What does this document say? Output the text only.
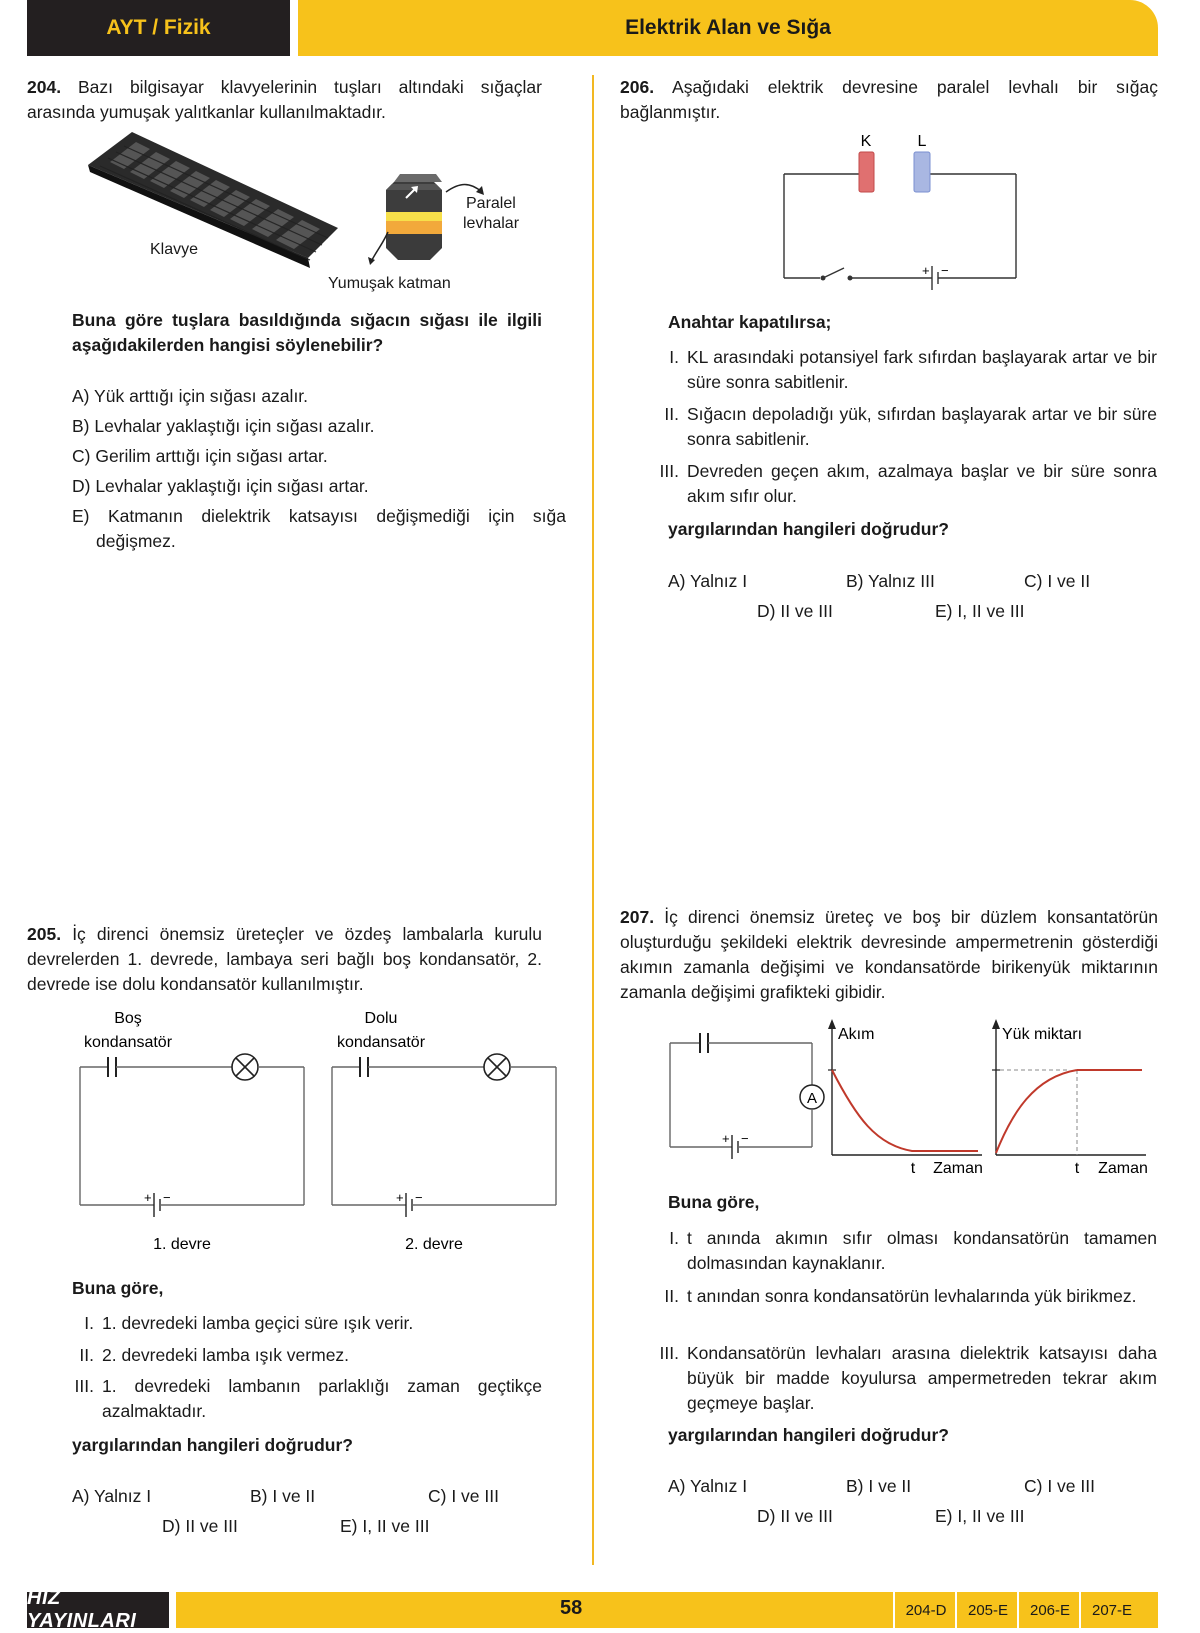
AYT / Fizik	Elektrik Alan ve Sığa
204. Bazı bilgisayar klavyelerinin tuşları altındaki sığaçlar arasında yumuşak yalıtkanlar kullanılmaktadır.
Klavye
Paralel
levhalar
Yumuşak katman
Buna göre tuşlara basıldığında sığacın sığası ile ilgili aşağıdakilerden hangisi söylenebilir?
A) Yük arttığı için sığası azalır.
B) Levhalar yaklaştığı için sığası azalır.
C) Gerilim arttığı için sığası artar.
D) Levhalar yaklaştığı için sığası artar.
E) Katmanın dielektrik katsayısı değişmediği için sığa değişmez.
206. Aşağıdaki elektrik devresine paralel levhalı bir sığaç bağlanmıştır.
K	L
+ −
Anahtar kapatılırsa;
I. KL arasındaki potansiyel fark sıfırdan başlayarak artar ve bir süre sonra sabitlenir.
II. Sığacın depoladığı yük, sıfırdan başlayarak artar ve bir süre sonra sabitlenir.
III. Devreden geçen akım, azalmaya başlar ve bir süre sonra akım sıfır olur.
yargılarından hangileri doğrudur?
A) Yalnız I	B) Yalnız III	C) I ve II
D) II ve III	E) I, II ve III
205. İç direnci önemsiz üreteçler ve özdeş lambalarla kurulu devrelerden 1. devrede, lambaya seri bağlı boş kondansatör, 2. devrede ise dolu kondansatör kullanılmıştır.
Boş
kondansatör
Dolu
kondansatör
+ −
1. devre
+ −
2. devre
Buna göre,
I. 1. devredeki lamba geçici süre ışık verir.
II. 2. devredeki lamba ışık vermez.
III. 1. devredeki lambanın parlaklığı zaman geçtikçe azalmaktadır.
yargılarından hangileri doğrudur?
A) Yalnız I	B) I ve II	C) I ve III
D) II ve III	E) I, II ve III
207. İç direnci önemsiz üreteç ve boş bir düzlem konsantatörün oluşturduğu şekildeki elektrik devresinde ampermetrenin gösterdiği akımın zamanla değişimi ve kondansatörde birikenyük miktarının zamanla değişimi grafikteki gibidir.
A
+ −
Akım
t Zaman
Yük miktarı
t Zaman
Buna göre,
I. t anında akımın sıfır olması kondansatörün tamamen dolmasından kaynaklanır.
II. t anından sonra kondansatörün levhalarında yük birikmez.
III. Kondansatörün levhaları arasına dielektrik katsayısı daha büyük bir madde koyulursa ampermetreden tekrar akım geçmeye başlar.
yargılarından hangileri doğrudur?
A) Yalnız I	B) I ve II	C) I ve III
D) II ve III	E) I, II ve III
HIZ YAYINLARI
58	204-D	205-E	206-E	207-E
